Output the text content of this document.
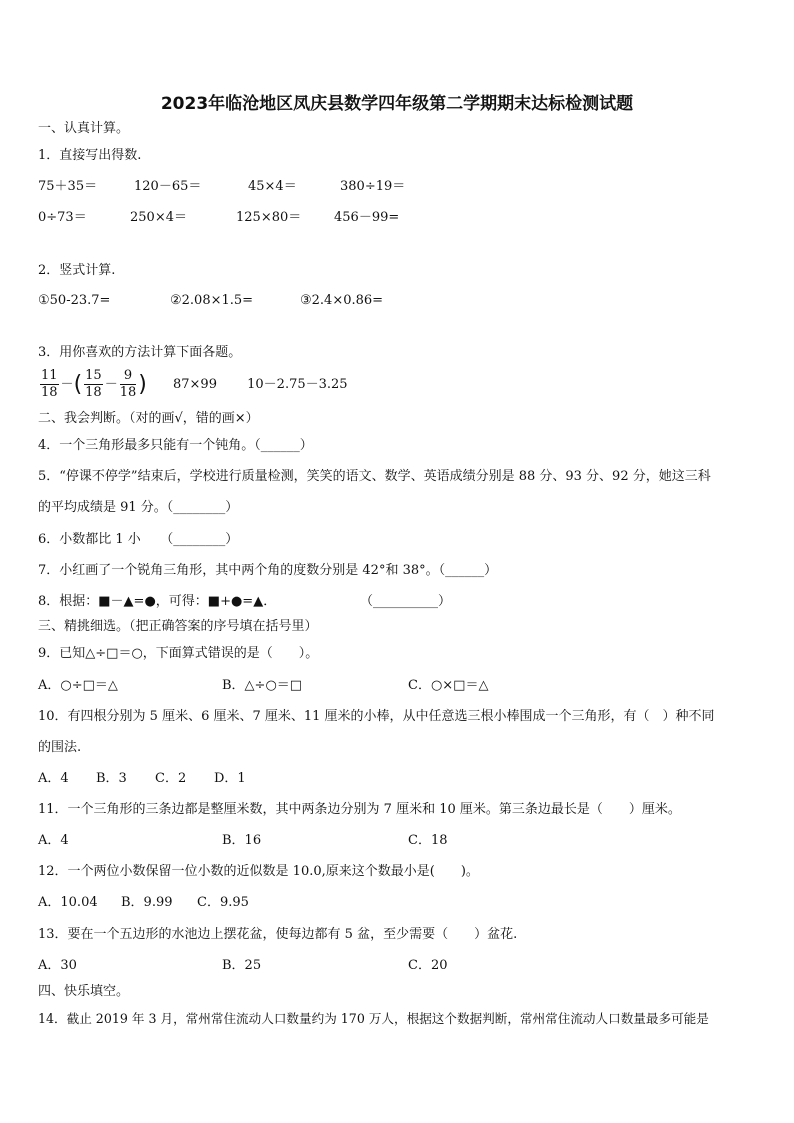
2023年临沧地区凤庆县数学四年级第二学期期末达标检测试题
一、认真计算。
1．直接写出得数.
75＋35＝	120－65＝	45×4＝	380÷19＝
0÷73＝	250×4＝	125×80＝	456－99=
2．竖式计算.
①50-23.7=	②2.08×1.5=	③2.4×0.86=
3．用你喜欢的方法计算下面各题。
$\frac{11}{18}$ －( $\frac{15}{18} - \frac{9}{18}$ ) 87×99 10－2.75－3.25
二、我会判断。（对的画√，错的画×）
4．一个三角形最多只能有一个钝角。（______）
5．“停课不停学”结束后，学校进行质量检测，笑笑的语文、数学、英语成绩分别是 88 分、93 分、92 分，她这三科
的平均成绩是 91 分。（________）
6．小数都比 1 小　　（________）
7．小红画了一个锐角三角形，其中两个角的度数分别是 42°和 38°。（______）
8．根据：■－▲=●，可得：■+●=▲．	（__________）
三、精挑细选。（把正确答案的序号填在括号里）
9．已知△÷□＝○，下面算式错误的是（　　）。
A．○÷□＝△	B．△÷○＝□	C．○×□＝△
10．有四根分别为 5 厘米、6 厘米、7 厘米、11 厘米的小棒，从中任意选三根小棒围成一个三角形，有（　）种不同
的围法.
A．4 B．3 C．2 D．1
11．一个三角形的三条边都是整厘米数，其中两条边分别为 7 厘米和 10 厘米。第三条边最长是（　　）厘米。
A．4	B．16	C．18
12．一个两位小数保留一位小数的近似数是 10.0,原来这个数最小是(　　)。
A．10.04 B．9.99 C．9.95
13．要在一个五边形的水池边上摆花盆，使每边都有 5 盆，至少需要（　　）盆花.
A．30	B．25	C．20
四、快乐填空。
14．截止 2019 年 3 月，常州常住流动人口数量约为 170 万人，根据这个数据判断，常州常住流动人口数量最多可能是
